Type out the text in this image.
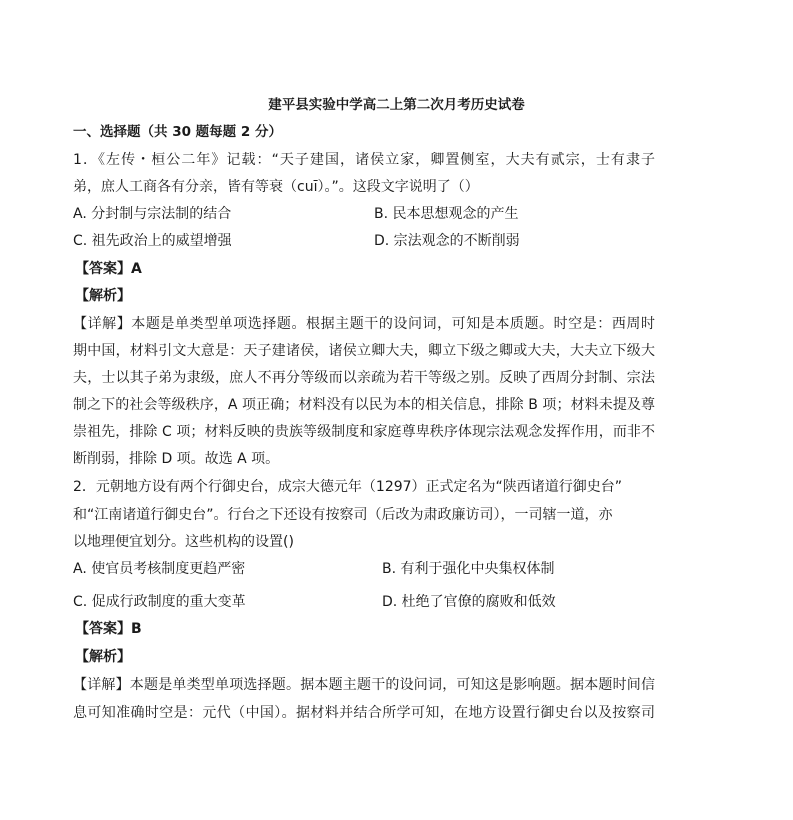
建平县实验中学高二上第二次月考历史试卷
一、选择题（共 30 题每题 2 分）
1．《左传・桓公二年》记载：“天子建国，诸侯立家，卿置侧室，大夫有贰宗，士有隶子
弟，庶人工商各有分亲，皆有等衰（cuī）。”。这段文字说明了（）
A. 分封制与宗法制的结合	B. 民本思想观念的产生
C. 祖先政治上的威望增强	D. 宗法观念的不断削弱
【答案】A
【解析】
【详解】本题是单类型单项选择题。根据主题干的设问词，可知是本质题。时空是：西周时
期中国，材料引文大意是：天子建诸侯，诸侯立卿大夫，卿立下级之卿或大夫，大夫立下级大
夫，士以其子弟为隶级，庶人不再分等级而以亲疏为若干等级之别。反映了西周分封制、宗法
制之下的社会等级秩序，A 项正确；材料没有以民为本的相关信息，排除 B 项；材料未提及尊
崇祖先，排除 C 项；材料反映的贵族等级制度和家庭尊卑秩序体现宗法观念发挥作用，而非不
断削弱，排除 D 项。故选 A 项。
2．元朝地方设有两个行御史台，成宗大德元年（1297）正式定名为“陕西诸道行御史台”
和“江南诸道行御史台”。行台之下还设有按察司（后改为肃政廉访司），一司辖一道，亦
以地理便宜划分。这些机构的设置()
A. 使官员考核制度更趋严密	B. 有利于强化中央集权体制
C. 促成行政制度的重大变革	D. 杜绝了官僚的腐败和低效
【答案】B
【解析】
【详解】本题是单类型单项选择题。据本题主题干的设问词，可知这是影响题。据本题时间信
息可知准确时空是：元代（中国）。据材料并结合所学可知，在地方设置行御史台以及按察司
